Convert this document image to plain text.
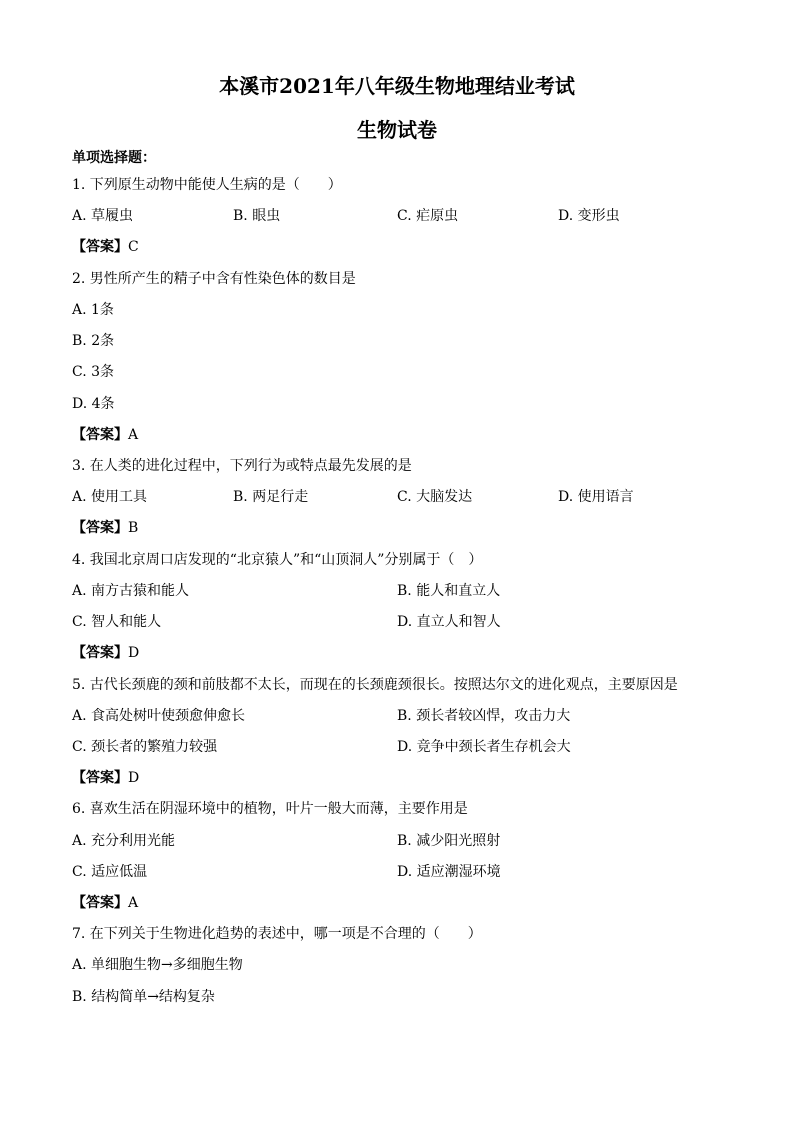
本溪市2021年八年级生物地理结业考试
生物试卷
单项选择题：
1. 下列原生动物中能使人生病的是（　　）
A. 草履虫	B. 眼虫	C. 疟原虫	D. 变形虫
【答案】C
2. 男性所产生的精子中含有性染色体的数目是
A. 1条
B. 2条
C. 3条
D. 4条
【答案】A
3. 在人类的进化过程中，下列行为或特点最先发展的是
A. 使用工具	B. 两足行走	C. 大脑发达	D. 使用语言
【答案】B
4. 我国北京周口店发现的“北京猿人”和“山顶洞人”分别属于（　）
A. 南方古猿和能人	B. 能人和直立人
C. 智人和能人	D. 直立人和智人
【答案】D
5. 古代长颈鹿的颈和前肢都不太长，而现在的长颈鹿颈很长。按照达尔文的进化观点，主要原因是
A. 食高处树叶使颈愈伸愈长	B. 颈长者较凶悍，攻击力大
C. 颈长者的繁殖力较强	D. 竞争中颈长者生存机会大
【答案】D
6. 喜欢生活在阴湿环境中的植物，叶片一般大而薄，主要作用是
A. 充分利用光能	B. 减少阳光照射
C. 适应低温	D. 适应潮湿环境
【答案】A
7. 在下列关于生物进化趋势的表述中，哪一项是不合理的（　　）
A. 单细胞生物→多细胞生物
B. 结构简单→结构复杂
